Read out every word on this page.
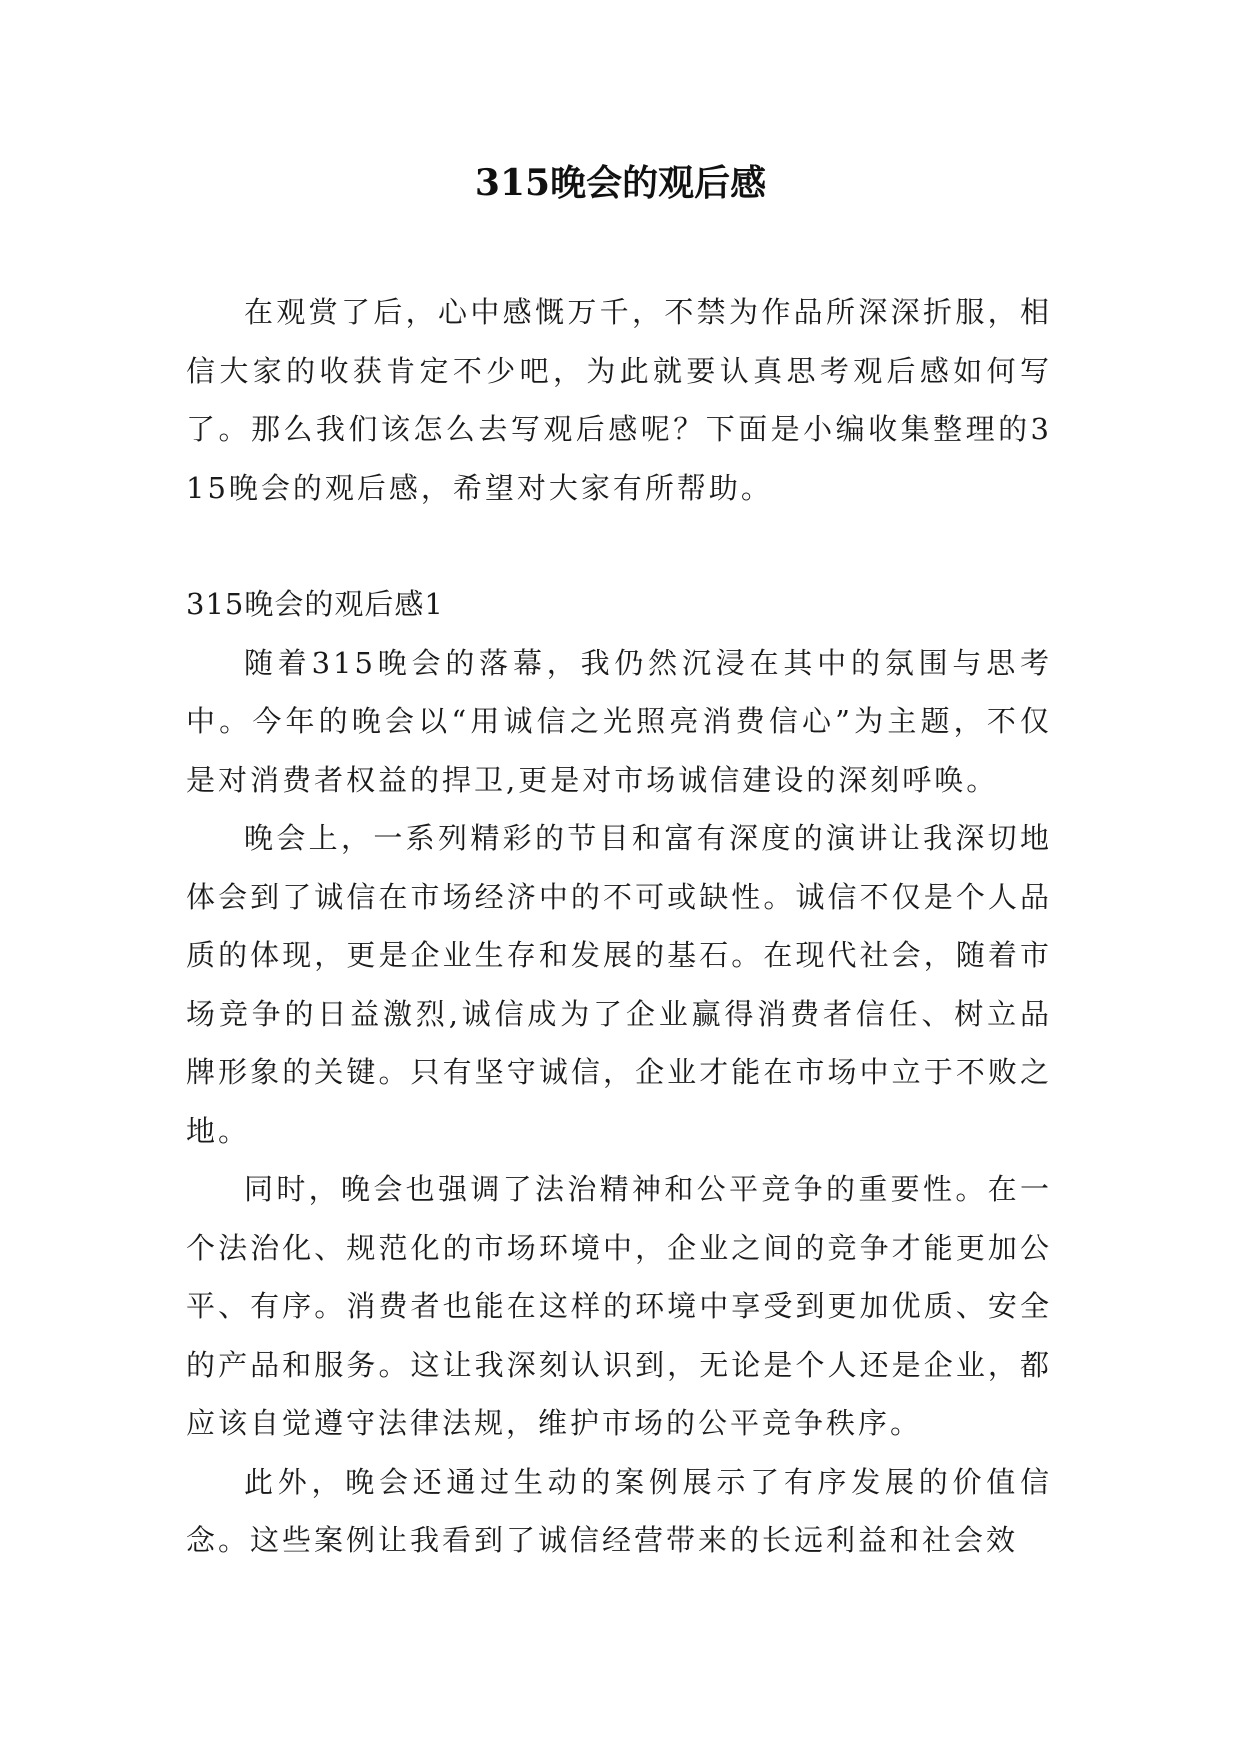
315晚会的观后感

在观赏了后，心中感慨万千，不禁为作品所深深折服，相信大家的收获肯定不少吧，为此就要认真思考观后感如何写了。那么我们该怎么去写观后感呢？下面是小编收集整理的315晚会的观后感，希望对大家有所帮助。

315晚会的观后感1

随着315晚会的落幕，我仍然沉浸在其中的氛围与思考中。今年的晚会以“用诚信之光照亮消费信心”为主题，不仅是对消费者权益的捍卫,更是对市场诚信建设的深刻呼唤。

晚会上，一系列精彩的节目和富有深度的演讲让我深切地体会到了诚信在市场经济中的不可或缺性。诚信不仅是个人品质的体现，更是企业生存和发展的基石。在现代社会，随着市场竞争的日益激烈,诚信成为了企业赢得消费者信任、树立品牌形象的关键。只有坚守诚信，企业才能在市场中立于不败之地。

同时，晚会也强调了法治精神和公平竞争的重要性。在一个法治化、规范化的市场环境中，企业之间的竞争才能更加公平、有序。消费者也能在这样的环境中享受到更加优质、安全的产品和服务。这让我深刻认识到，无论是个人还是企业，都应该自觉遵守法律法规，维护市场的公平竞争秩序。

此外，晚会还通过生动的案例展示了有序发展的价值信念。这些案例让我看到了诚信经营带来的长远利益和社会效
